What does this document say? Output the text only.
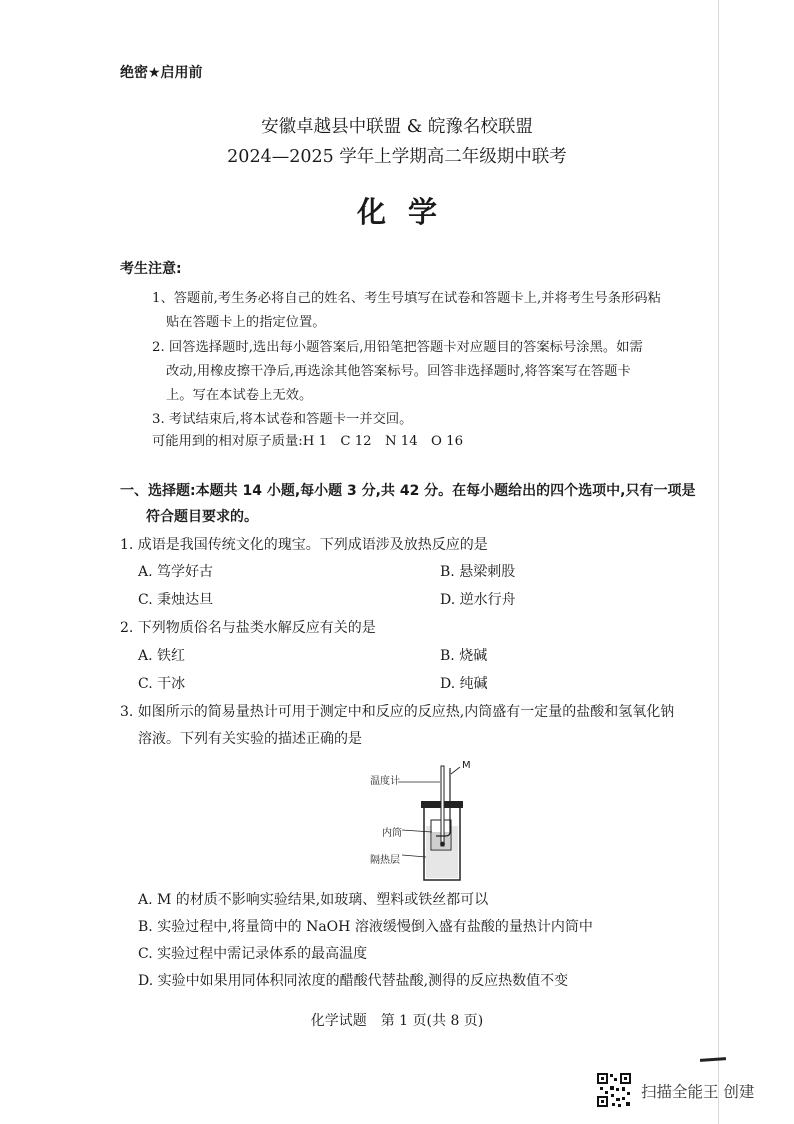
绝密★启用前
安徽卓越县中联盟 & 皖豫名校联盟
2024—2025 学年上学期高二年级期中联考
化学
考生注意:
1、答题前,考生务必将自己的姓名、考生号填写在试卷和答题卡上,并将考生号条形码粘
贴在答题卡上的指定位置。
2. 回答选择题时,选出每小题答案后,用铅笔把答题卡对应题目的答案标号涂黑。如需
改动,用橡皮擦干净后,再选涂其他答案标号。回答非选择题时,将答案写在答题卡
上。写在本试卷上无效。
3. 考试结束后,将本试卷和答题卡一并交回。
可能用到的相对原子质量:H 1　C 12　N 14　O 16
一、选择题:本题共 14 小题,每小题 3 分,共 42 分。在每小题给出的四个选项中,只有一项是
符合题目要求的。
1. 成语是我国传统文化的瑰宝。下列成语涉及放热反应的是
A. 笃学好古	B. 悬梁刺股
C. 秉烛达旦	D. 逆水行舟
2. 下列物质俗名与盐类水解反应有关的是
A. 铁红	B. 烧碱
C. 干冰	D. 纯碱
3. 如图所示的简易量热计可用于测定中和反应的反应热,内筒盛有一定量的盐酸和氢氧化钠
溶液。下列有关实验的描述正确的是
温度计
M
内筒
隔热层
A. M 的材质不影响实验结果,如玻璃、塑料或铁丝都可以
B. 实验过程中,将量筒中的 NaOH 溶液缓慢倒入盛有盐酸的量热计内筒中
C. 实验过程中需记录体系的最高温度
D. 实验中如果用同体积同浓度的醋酸代替盐酸,测得的反应热数值不变
化学试题　第 1 页(共 8 页)
扫描全能王 创建
